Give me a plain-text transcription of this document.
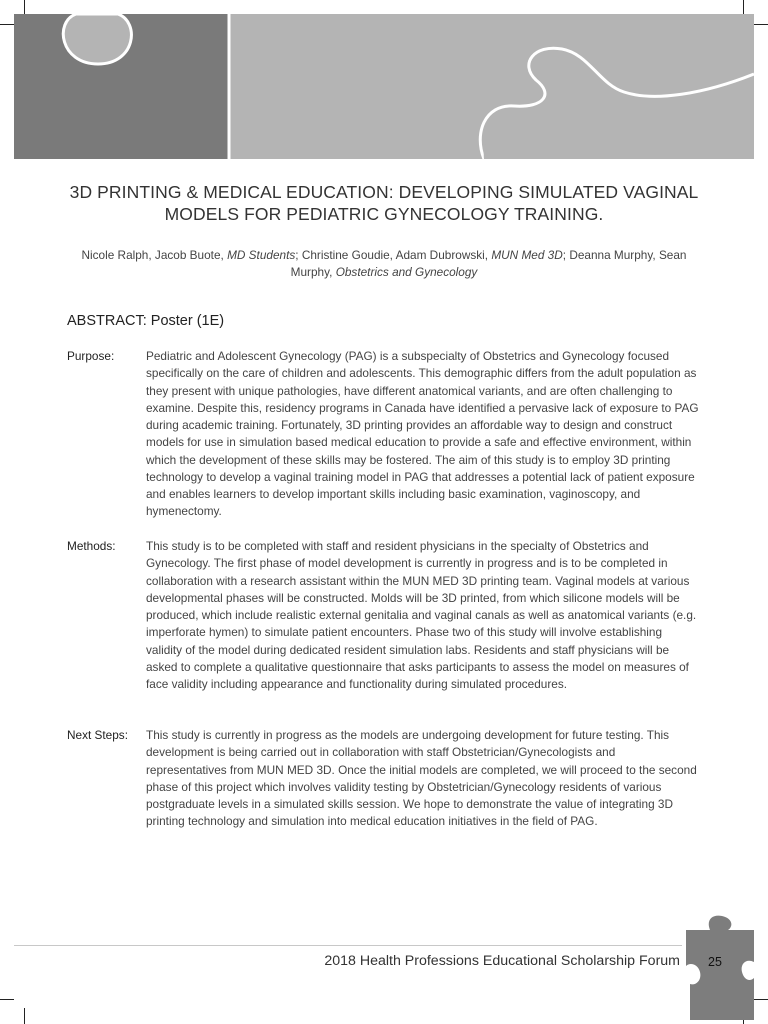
3D PRINTING & MEDICAL EDUCATION: DEVELOPING SIMULATED VAGINAL MODELS FOR PEDIATRIC GYNECOLOGY TRAINING.
Nicole Ralph, Jacob Buote, MD Students; Christine Goudie, Adam Dubrowski, MUN Med 3D; Deanna Murphy, Sean Murphy, Obstetrics and Gynecology
ABSTRACT: Poster (1E)
Purpose:	Pediatric and Adolescent Gynecology (PAG) is a subspecialty of Obstetrics and Gynecology focused specifically on the care of children and adolescents. This demographic differs from the adult population as they present with unique pathologies, have different anatomical variants, and are often challenging to examine. Despite this, residency programs in Canada have identified a pervasive lack of exposure to PAG during academic training. Fortunately, 3D printing provides an affordable way to design and construct models for use in simulation based medical education to provide a safe and effective environment, within which the development of these skills may be fostered. The aim of this study is to employ 3D printing technology to develop a vaginal training model in PAG that addresses a potential lack of patient exposure and enables learners to develop important skills including basic examination, vaginoscopy, and hymenectomy.
Methods:	This study is to be completed with staff and resident physicians in the specialty of Obstetrics and Gynecology. The first phase of model development is currently in progress and is to be completed in collaboration with a research assistant within the MUN MED 3D printing team. Vaginal models at various developmental phases will be constructed. Molds will be 3D printed, from which silicone models will be produced, which include realistic external genitalia and vaginal canals as well as anatomical variants (e.g. imperforate hymen) to simulate patient encounters. Phase two of this study will involve establishing validity of the model during dedicated resident simulation labs. Residents and staff physicians will be asked to complete a qualitative questionnaire that asks participants to assess the model on measures of face validity including appearance and functionality during simulated procedures.
Next Steps: This study is currently in progress as the models are undergoing development for future testing. This development is being carried out in collaboration with staff Obstetrician/Gynecologists and representatives from MUN MED 3D. Once the initial models are completed, we will proceed to the second phase of this project which involves validity testing by Obstetrician/Gynecology residents of various postgraduate levels in a simulated skills session. We hope to demonstrate the value of integrating 3D printing technology and simulation into medical education initiatives in the field of PAG.
2018 Health Professions Educational Scholarship Forum	25
